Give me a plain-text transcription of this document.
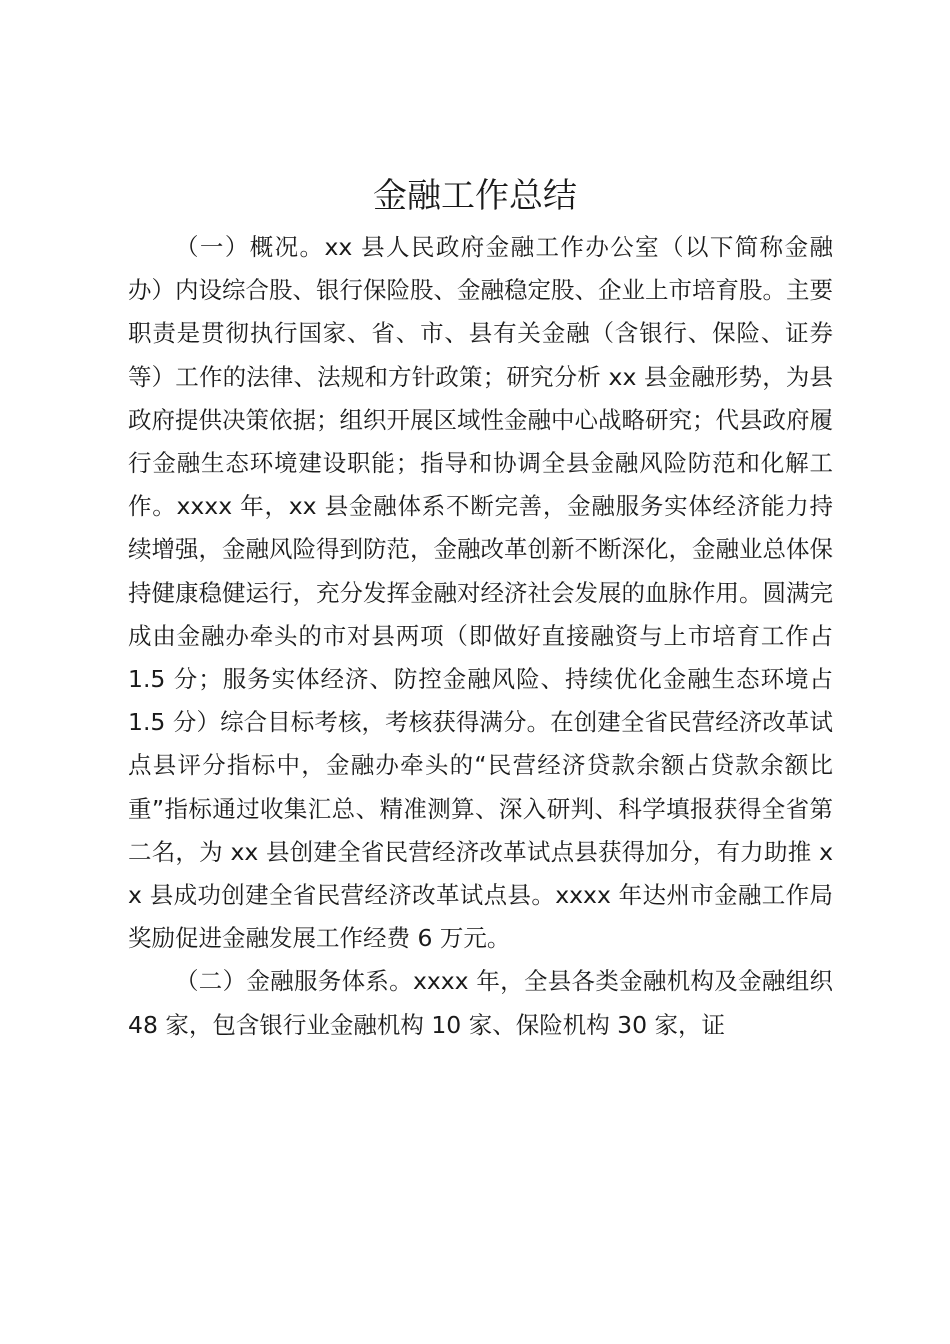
金融工作总结

（一）概况。xx 县人民政府金融工作办公室（以下简称金融办）内设综合股、银行保险股、金融稳定股、企业上市培育股。主要职责是贯彻执行国家、省、市、县有关金融（含银行、保险、证券等）工作的法律、法规和方针政策；研究分析 xx 县金融形势，为县政府提供决策依据；组织开展区域性金融中心战略研究；代县政府履行金融生态环境建设职能；指导和协调全县金融风险防范和化解工作。xxxx 年，xx 县金融体系不断完善，金融服务实体经济能力持续增强，金融风险得到防范，金融改革创新不断深化，金融业总体保持健康稳健运行，充分发挥金融对经济社会发展的血脉作用。圆满完成由金融办牵头的市对县两项（即做好直接融资与上市培育工作占 1.5 分；服务实体经济、防控金融风险、持续优化金融生态环境占 1.5 分）综合目标考核，考核获得满分。在创建全省民营经济改革试点县评分指标中，金融办牵头的“民营经济贷款余额占贷款余额比重”指标通过收集汇总、精准测算、深入研判、科学填报获得全省第二名，为 xx 县创建全省民营经济改革试点县获得加分，有力助推 xx 县成功创建全省民营经济改革试点县。xxxx 年达州市金融工作局奖励促进金融发展工作经费 6 万元。

（二）金融服务体系。xxxx 年，全县各类金融机构及金融组织 48 家，包含银行业金融机构 10 家、保险机构 30 家，证
